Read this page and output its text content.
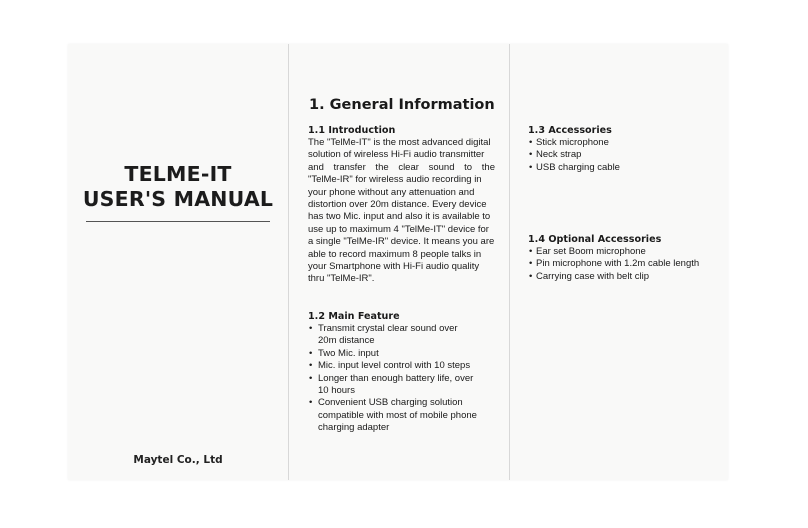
TELME-IT
USER'S MANUAL
Maytel Co., Ltd
1. General Information
1.1 Introduction
The "TelMe-IT" is the most advanced digital
solution of wireless Hi-Fi audio transmitter
and transfer the clear sound to the
"TelMe-IR" for wireless audio recording in
your phone without any attenuation and
distortion over 20m distance. Every device
has two Mic. input and also it is available to
use up to maximum 4 "TelMe-IT" device for
a single "TelMe-IR" device. It means you are
able to record maximum 8 people talks in
your Smartphone with Hi-Fi audio quality
thru "TelMe-IR".
1.2 Main Feature
• Transmit crystal clear sound over
20m distance
• Two Mic. input
• Mic. input level control with 10 steps
• Longer than enough battery life, over
10 hours
• Convenient USB charging solution
compatible with most of mobile phone
charging adapter
1.3 Accessories
• Stick microphone
• Neck strap
• USB charging cable
1.4 Optional Accessories
• Ear set Boom microphone
• Pin microphone with 1.2m cable length
• Carrying case with belt clip
